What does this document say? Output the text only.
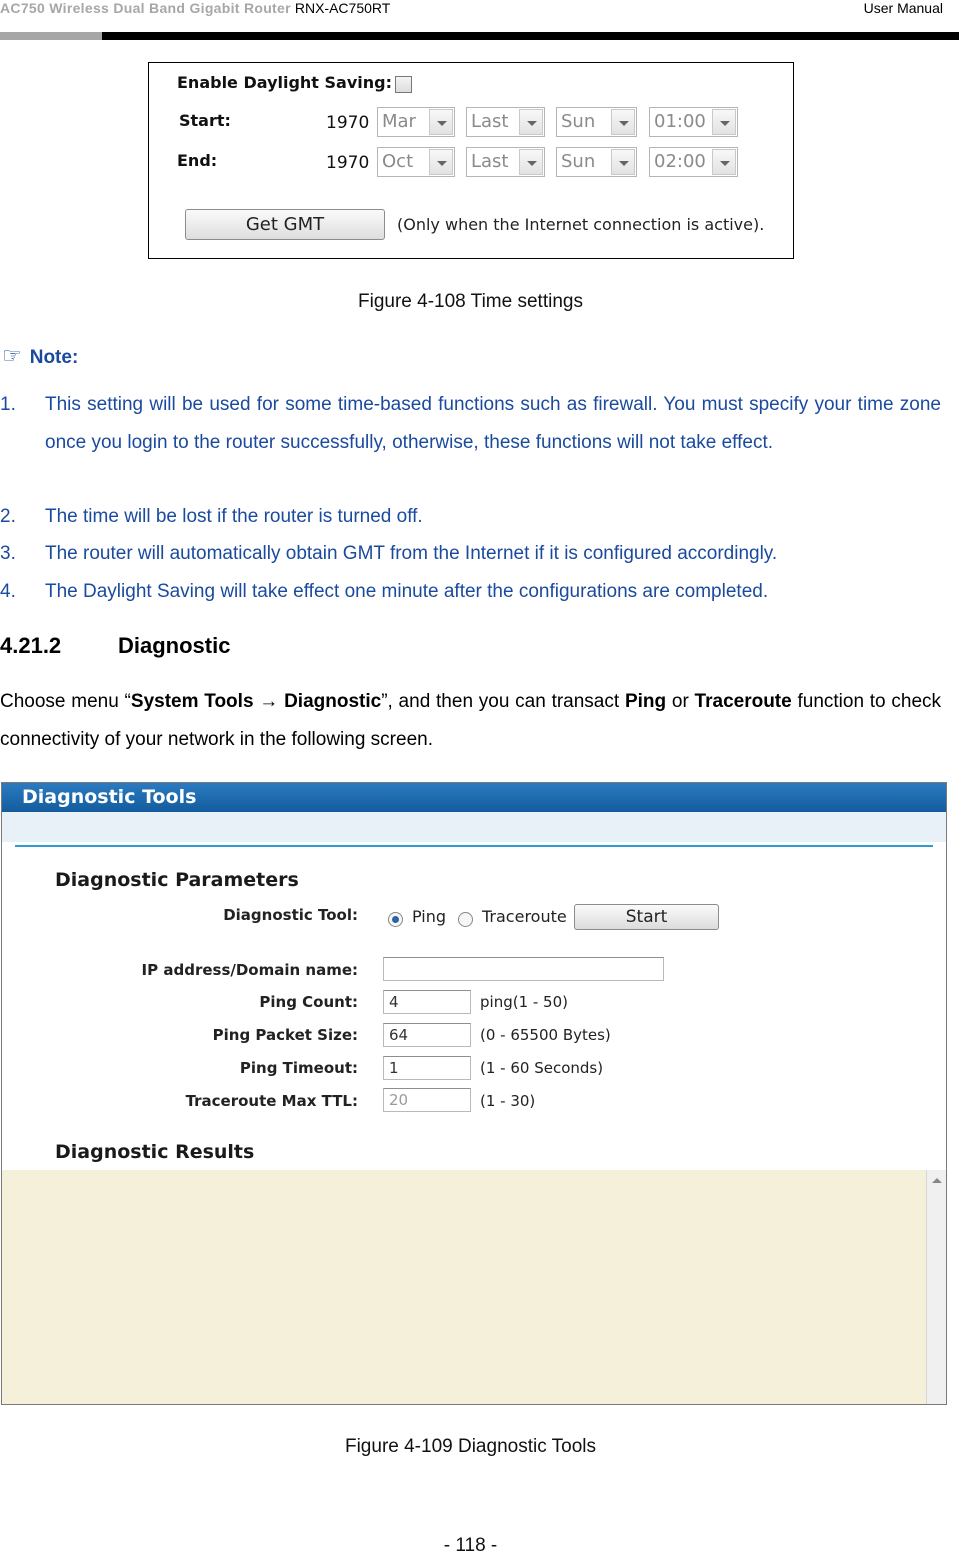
AC750 Wireless Dual Band Gigabit Router RNX-AC750RT	User Manual
Enable Daylight Saving:
Start:	1970 Mar	Last	Sun	01:00
End:	1970 Oct	Last	Sun	02:00
Get GMT	(Only when the Internet connection is active).
Figure 4-108 Time settings
☞ Note:
1. This setting will be used for some time-based functions such as firewall. You must specify your time zone once you login to the router successfully, otherwise, these functions will not take effect.
2. The time will be lost if the router is turned off.
3. The router will automatically obtain GMT from the Internet if it is configured accordingly.
4. The Daylight Saving will take effect one minute after the configurations are completed.
4.21.2	Diagnostic
Choose menu “System Tools → Diagnostic”, and then you can transact Ping or Traceroute function to check connectivity of your network in the following screen.
Diagnostic Tools
Diagnostic Parameters
Diagnostic Tool:	Ping Traceroute	Start
IP address/Domain name:
Ping Count:	4	ping(1 - 50)
Ping Packet Size:	64	(0 - 65500 Bytes)
Ping Timeout:	1	(1 - 60 Seconds)
Traceroute Max TTL:	20	(1 - 30)
Diagnostic Results
Figure 4-109 Diagnostic Tools
- 118 -
